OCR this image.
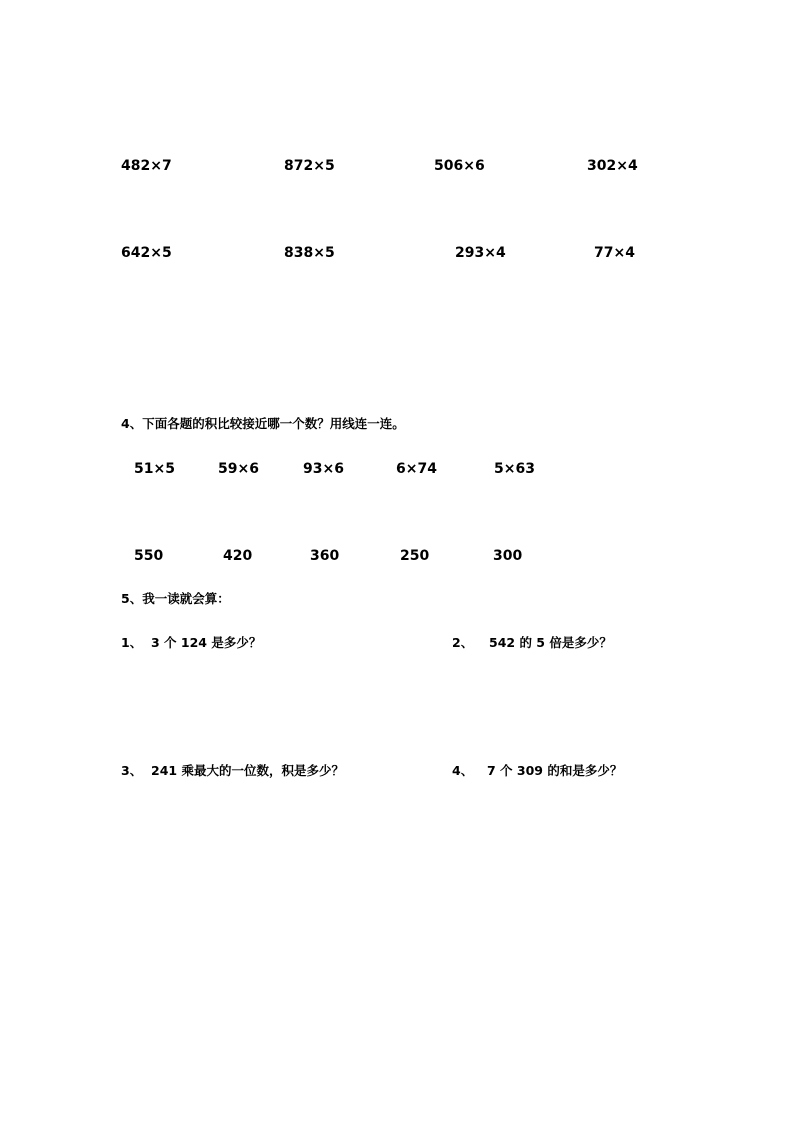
482×7	872×5	506×6	302×4
642×5	838×5	293×4	77×4
4、下面各题的积比较接近哪一个数？用线连一连。
51×5	59×6	93×6	6×74	5×63
550	420	360	250	300
5、我一读就会算：
1、 3 个 124 是多少？	2、 542 的 5 倍是多少？
3、 241 乘最大的一位数，积是多少？	4、 7 个 309 的和是多少？
